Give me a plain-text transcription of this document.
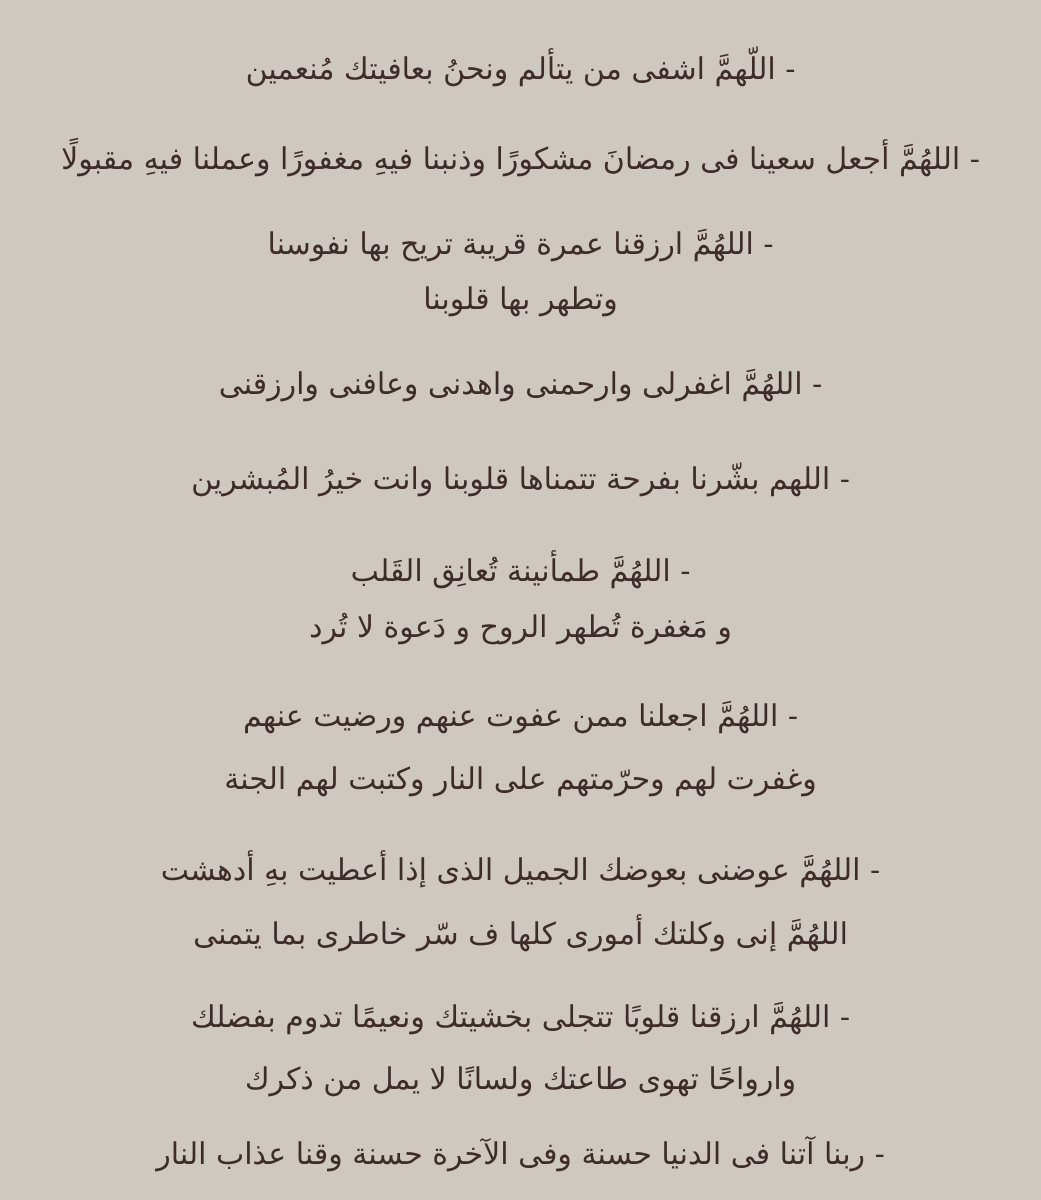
- اللّهمَّ اشفى من يتألم ونحنُ بعافيتك مُنعمين
- اللهُمَّ أجعل سعينا فى رمضانَ مشكورًا وذنبنا فيهِ مغفورًا وعملنا فيهِ مقبولًا
- اللهُمَّ ارزقنا عمرة قريبة تريح بها نفوسنا
وتطهر بها قلوبنا
- اللهُمَّ اغفرلى وارحمنى واهدنى وعافنى وارزقنى
- اللهم بشّرنا بفرحة تتمناها قلوبنا وانت خيرُ المُبشرين
- اللهُمَّ طمأنينة تُعانِق القَلب
و مَغفرة تُطهر الروح و دَعوة لا تُرد
- اللهُمَّ اجعلنا ممن عفوت عنهم ورضيت عنهم
وغفرت لهم وحرّمتهم على النار وكتبت لهم الجنة
- اللهُمَّ عوضنى بعوضك الجميل الذى إذا أعطيت بهِ أدهشت
اللهُمَّ إنى وكلتك أمورى كلها ف سّر خاطرى بما يتمنى
- اللهُمَّ ارزقنا قلوبًا تتجلى بخشيتك ونعيمًا تدوم بفضلك
وارواحًا تهوى طاعتك ولسانًا لا يمل من ذكرك
- ربنا آتنا فى الدنيا حسنة وفى الآخرة حسنة وقنا عذاب النار
